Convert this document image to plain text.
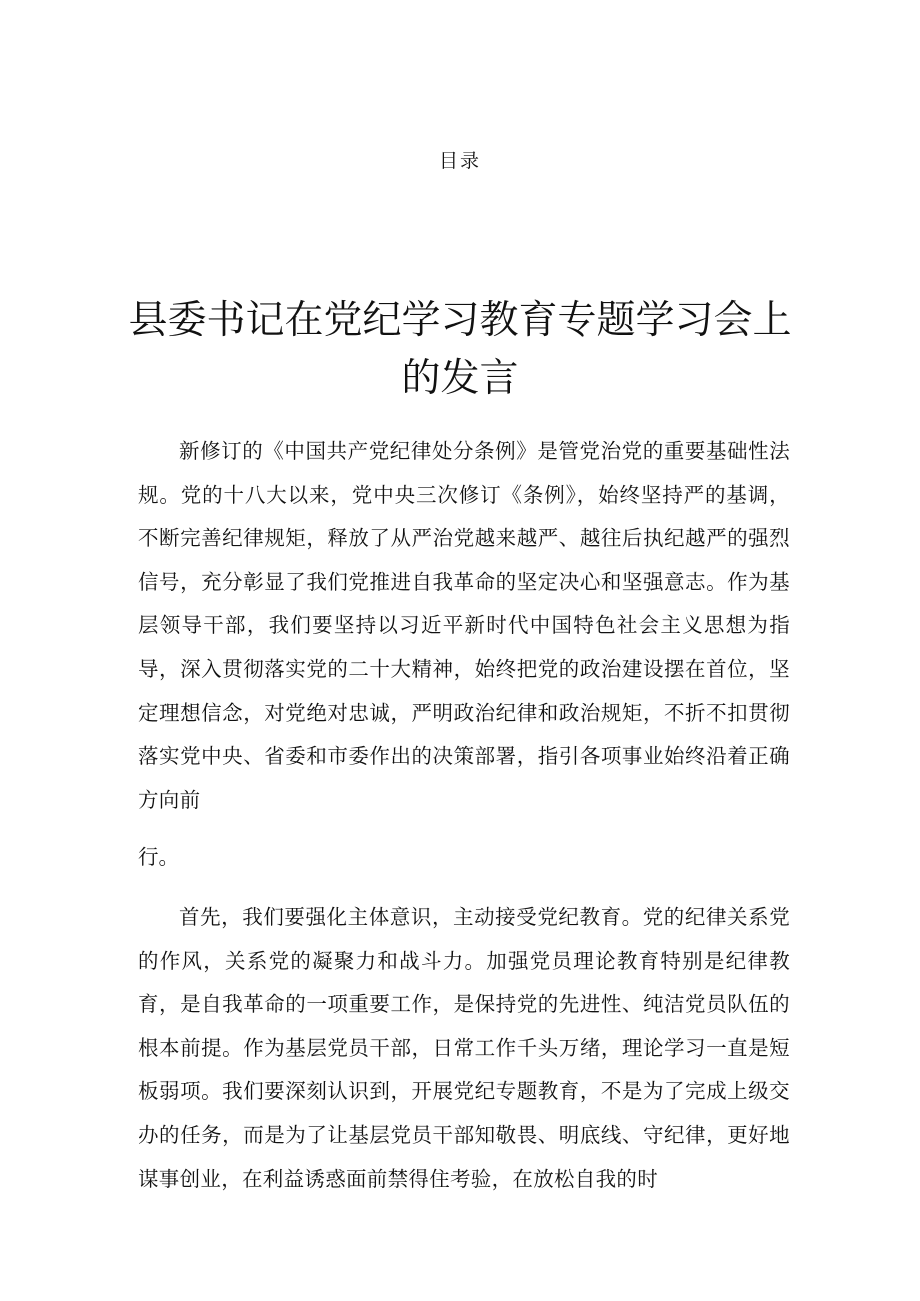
目录
县委书记在党纪学习教育专题学习会上的发言

新修订的《中国共产党纪律处分条例》是管党治党的重要基础性法规。党的十八大以来，党中央三次修订《条例》，始终坚持严的基调，不断完善纪律规矩，释放了从严治党越来越严、越往后执纪越严的强烈信号，充分彰显了我们党推进自我革命的坚定决心和坚强意志。作为基层领导干部，我们要坚持以习近平新时代中国特色社会主义思想为指导，深入贯彻落实党的二十大精神，始终把党的政治建设摆在首位，坚定理想信念，对党绝对忠诚，严明政治纪律和政治规矩，不折不扣贯彻落实党中央、省委和市委作出的决策部署，指引各项事业始终沿着正确方向前

行。

首先，我们要强化主体意识，主动接受党纪教育。党的纪律关系党的作风，关系党的凝聚力和战斗力。加强党员理论教育特别是纪律教育，是自我革命的一项重要工作，是保持党的先进性、纯洁党员队伍的根本前提。作为基层党员干部，日常工作千头万绪，理论学习一直是短板弱项。我们要深刻认识到，开展党纪专题教育，不是为了完成上级交办的任务，而是为了让基层党员干部知敬畏、明底线、守纪律，更好地谋事创业，在利益诱惑面前禁得住考验，在放松自我的时
